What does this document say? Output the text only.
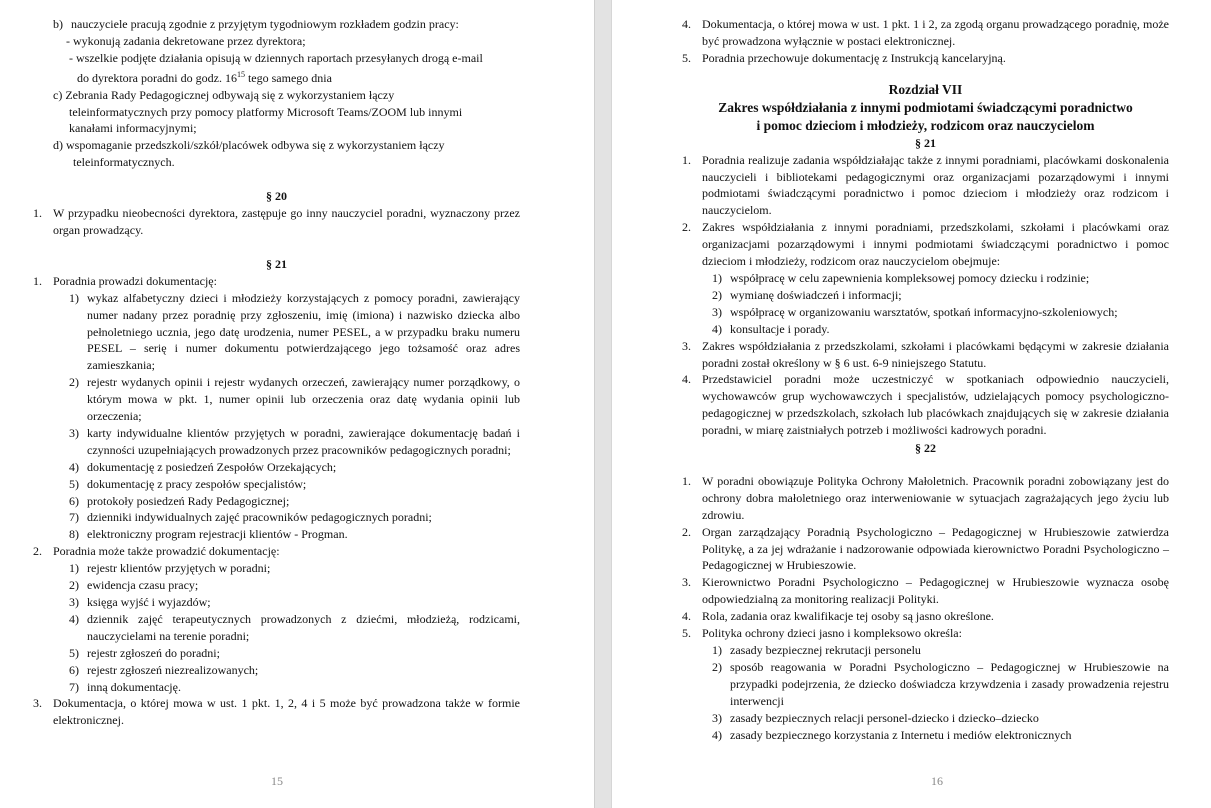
b) nauczyciele pracują zgodnie z przyjętym tygodniowym rozkładem godzin pracy:

- wykonują zadania dekretowane przez dyrektora;

- wszelkie podjęte działania opisują w dziennych raportach przesyłanych drogą e-mail

do dyrektora poradni do godz. $16^{15}$ tego samego dnia

c) Zebrania Rady Pedagogicznej odbywają się z wykorzystaniem łączy

teleinformatycznych przy pomocy platformy Microsoft Teams/ZOOM lub innymi

kanałami informacyjnymi;

d) wspomaganie przedszkoli/szkół/placówek odbywa się z wykorzystaniem łączy

teleinformatycznych.

§ 20

1. W przypadku nieobecności dyrektora, zastępuje go inny nauczyciel poradni, wyznaczony przez organ prowadzący.

§ 21

1. Poradnia prowadzi dokumentację:
1) wykaz alfabetyczny dzieci i młodzieży korzystających z pomocy poradni, zawierający numer nadany przez poradnię przy zgłoszeniu, imię (imiona) i nazwisko dziecka albo pełnoletniego ucznia, jego datę urodzenia, numer PESEL, a w przypadku braku numeru PESEL – serię i numer dokumentu potwierdzającego jego tożsamość oraz adres zamieszkania;
2) rejestr wydanych opinii i rejestr wydanych orzeczeń, zawierający numer porządkowy, o którym mowa w pkt. 1, numer opinii lub orzeczenia oraz datę wydania opinii lub orzeczenia;
3) karty indywidualne klientów przyjętych w poradni, zawierające dokumentację badań i czynności uzupełniających prowadzonych przez pracowników pedagogicznych poradni;
4) dokumentację z posiedzeń Zespołów Orzekających;
5) dokumentację z pracy zespołów specjalistów;
6) protokoły posiedzeń Rady Pedagogicznej;
7) dzienniki indywidualnych zajęć pracowników pedagogicznych poradni;
8) elektroniczny program rejestracji klientów - Progman.
2. Poradnia może także prowadzić dokumentację:
1) rejestr klientów przyjętych w poradni;
2) ewidencja czasu pracy;
3) księga wyjść i wyjazdów;
4) dziennik zajęć terapeutycznych prowadzonych z dziećmi, młodzieżą, rodzicami, nauczycielami na terenie poradni;
5) rejestr zgłoszeń do poradni;
6) rejestr zgłoszeń niezrealizowanych;
7) inną dokumentację.
3. Dokumentacja, o której mowa w ust. 1 pkt. 1, 2, 4 i 5 może być prowadzona także w formie elektronicznej.
15
4. Dokumentacja, o której mowa w ust. 1 pkt. 1 i 2, za zgodą organu prowadzącego poradnię, może być prowadzona wyłącznie w postaci elektronicznej.
5. Poradnia przechowuje dokumentację z Instrukcją kancelaryjną.

Rozdział VII

Zakres współdziałania z innymi podmiotami świadczącymi poradnictwo

i pomoc dzieciom i młodzieży, rodzicom oraz nauczycielom

§ 21

1. Poradnia realizuje zadania współdziałając także z innymi poradniami, placówkami doskonalenia nauczycieli i bibliotekami pedagogicznymi oraz organizacjami pozarządowymi i innymi podmiotami świadczącymi poradnictwo i pomoc dzieciom i młodzieży oraz rodzicom i nauczycielom.
2. Zakres współdziałania z innymi poradniami, przedszkolami, szkołami i placówkami oraz organizacjami pozarządowymi i innymi podmiotami świadczącymi poradnictwo i pomoc dzieciom i młodzieży, rodzicom oraz nauczycielom obejmuje:
1) współpracę w celu zapewnienia kompleksowej pomocy dziecku i rodzinie;
2) wymianę doświadczeń i informacji;
3) współpracę w organizowaniu warsztatów, spotkań informacyjno-szkoleniowych;
4) konsultacje i porady.
3. Zakres współdziałania z przedszkolami, szkołami i placówkami będącymi w zakresie działania poradni został określony w § 6 ust. 6-9 niniejszego Statutu.
4. Przedstawiciel poradni może uczestniczyć w spotkaniach odpowiednio nauczycieli, wychowawców grup wychowawczych i specjalistów, udzielających pomocy psychologiczno-pedagogicznej w przedszkolach, szkołach lub placówkach znajdujących się w zakresie działania poradni, w miarę zaistniałych potrzeb i możliwości kadrowych poradni.

§ 22

1. W poradni obowiązuje Polityka Ochrony Małoletnich. Pracownik poradni zobowiązany jest do ochrony dobra małoletniego oraz interweniowanie w sytuacjach zagrażających jego życiu lub zdrowiu.
2. Organ zarządzający Poradnią Psychologiczno – Pedagogicznej w Hrubieszowie zatwierdza Politykę, a za jej wdrażanie i nadzorowanie odpowiada kierownictwo Poradni Psychologiczno – Pedagogicznej w Hrubieszowie.
3. Kierownictwo Poradni Psychologiczno – Pedagogicznej w Hrubieszowie wyznacza osobę odpowiedzialną za monitoring realizacji Polityki.
4. Rola, zadania oraz kwalifikacje tej osoby są jasno określone.
5. Polityka ochrony dzieci jasno i kompleksowo określa:
1) zasady bezpiecznej rekrutacji personelu
2) sposób reagowania w Poradni Psychologiczno – Pedagogicznej w Hrubieszowie na przypadki podejrzenia, że dziecko doświadcza krzywdzenia i zasady prowadzenia rejestru interwencji
3) zasady bezpiecznych relacji personel-dziecko i dziecko–dziecko
4) zasady bezpiecznego korzystania z Internetu i mediów elektronicznych
16
